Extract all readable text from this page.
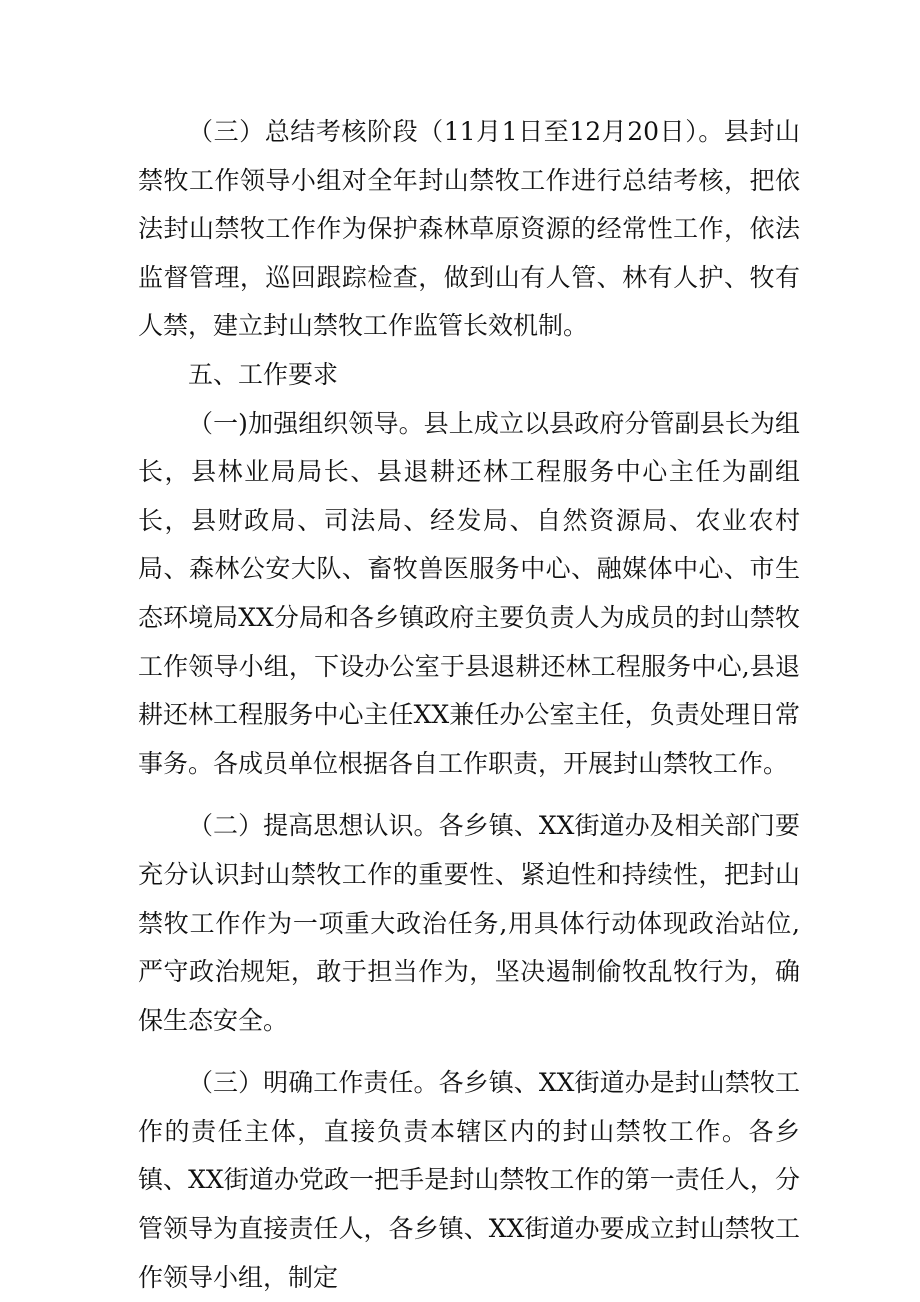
（三）总结考核阶段（11月1日至12月20日）。县封山禁牧工作领导小组对全年封山禁牧工作进行总结考核，把依法封山禁牧工作作为保护森林草原资源的经常性工作，依法监督管理，巡回跟踪检查，做到山有人管、林有人护、牧有人禁，建立封山禁牧工作监管长效机制。

五、工作要求

（一)加强组织领导。县上成立以县政府分管副县长为组长，县林业局局长、县退耕还林工程服务中心主任为副组长，县财政局、司法局、经发局、自然资源局、农业农村局、森林公安大队、畜牧兽医服务中心、融媒体中心、市生态环境局XX分局和各乡镇政府主要负责人为成员的封山禁牧工作领导小组，下设办公室于县退耕还林工程服务中心,县退耕还林工程服务中心主任XX兼任办公室主任，负责处理日常事务。各成员单位根据各自工作职责，开展封山禁牧工作。

（二）提高思想认识。各乡镇、XX街道办及相关部门要充分认识封山禁牧工作的重要性、紧迫性和持续性，把封山禁牧工作作为一项重大政治任务,用具体行动体现政治站位,严守政治规矩，敢于担当作为，坚决遏制偷牧乱牧行为，确保生态安全。

（三）明确工作责任。各乡镇、XX街道办是封山禁牧工作的责任主体，直接负责本辖区内的封山禁牧工作。各乡镇、XX街道办党政一把手是封山禁牧工作的第一责任人，分管领导为直接责任人，各乡镇、XX街道办要成立封山禁牧工作领导小组，制定
